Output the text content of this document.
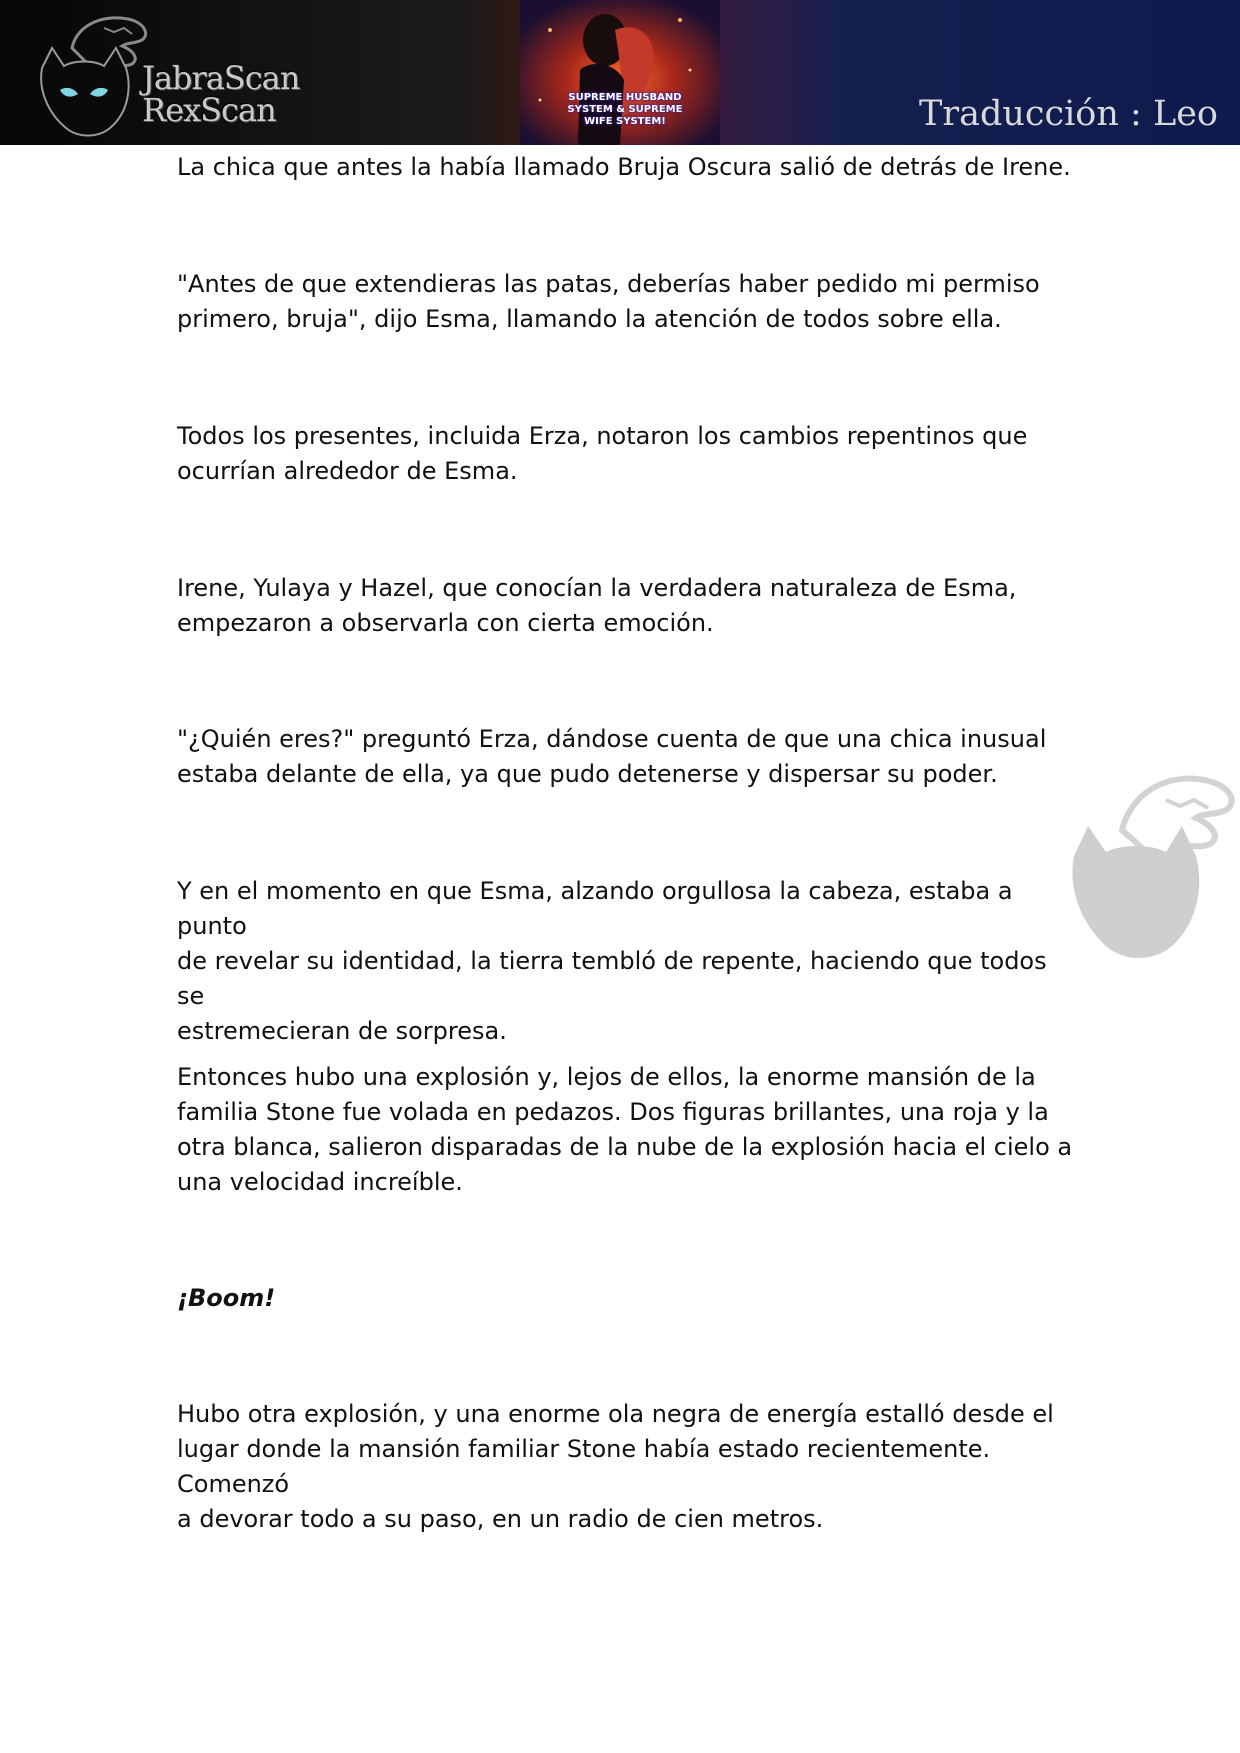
JabraScan
RexScan	SUPREME HUSBAND
SYSTEM & SUPREME
WIFE SYSTEM!	Traducción : Leo

La chica que antes la había llamado Bruja Oscura salió de detrás de Irene.

"Antes de que extendieras las patas, deberías haber pedido mi permiso
primero, bruja", dijo Esma, llamando la atención de todos sobre ella.

Todos los presentes, incluida Erza, notaron los cambios repentinos que
ocurrían alrededor de Esma.

Irene, Yulaya y Hazel, que conocían la verdadera naturaleza de Esma,
empezaron a observarla con cierta emoción.

"¿Quién eres?" preguntó Erza, dándose cuenta de que una chica inusual
estaba delante de ella, ya que pudo detenerse y dispersar su poder.

Y en el momento en que Esma, alzando orgullosa la cabeza, estaba a punto
de revelar su identidad, la tierra tembló de repente, haciendo que todos se
estremecieran de sorpresa.

Entonces hubo una explosión y, lejos de ellos, la enorme mansión de la
familia Stone fue volada en pedazos. Dos figuras brillantes, una roja y la
otra blanca, salieron disparadas de la nube de la explosión hacia el cielo a
una velocidad increíble.

¡Boom!

Hubo otra explosión, y una enorme ola negra de energía estalló desde el
lugar donde la mansión familiar Stone había estado recientemente. Comenzó
a devorar todo a su paso, en un radio de cien metros.
